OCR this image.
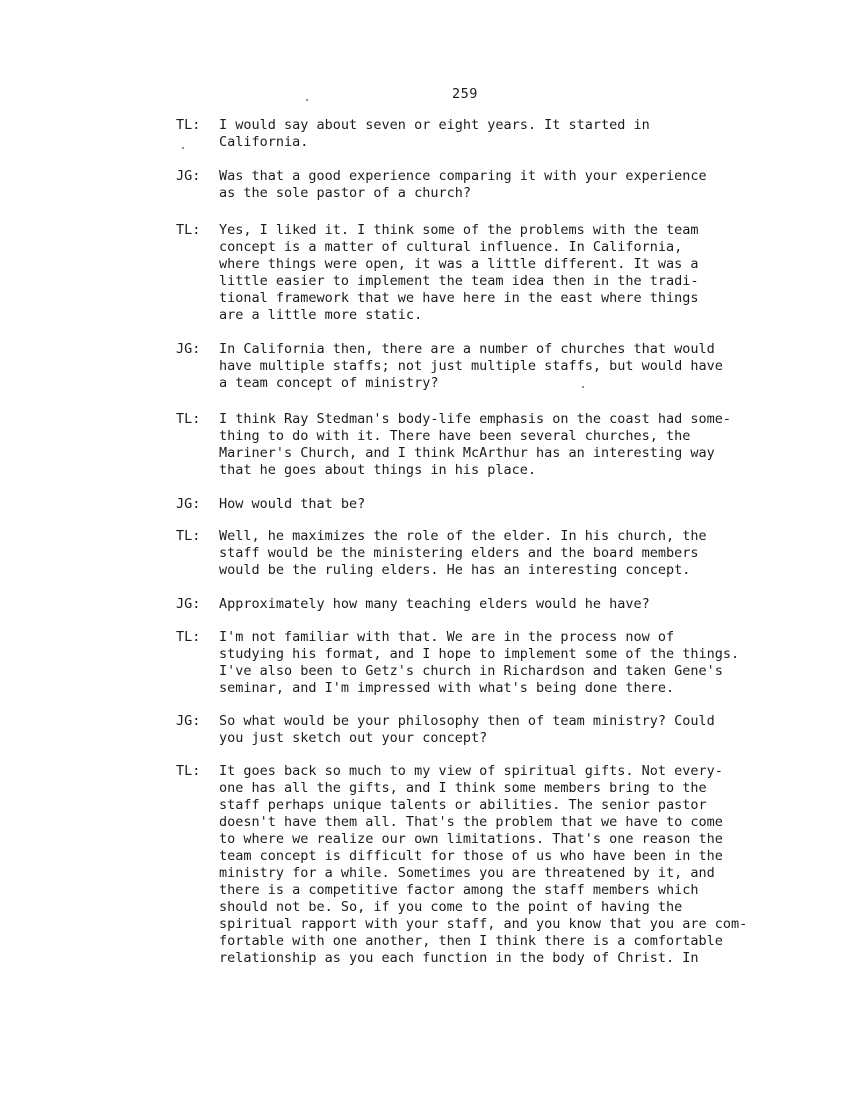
259
TL: I would say about seven or eight years. It started in
California.
JG: Was that a good experience comparing it with your experience
as the sole pastor of a church?
TL: Yes, I liked it. I think some of the problems with the team
concept is a matter of cultural influence. In California,
where things were open, it was a little different. It was a
little easier to implement the team idea then in the tradi-
tional framework that we have here in the east where things
are a little more static.
JG: In California then, there are a number of churches that would
have multiple staffs; not just multiple staffs, but would have
a team concept of ministry?
TL: I think Ray Stedman's body-life emphasis on the coast had some-
thing to do with it. There have been several churches, the
Mariner's Church, and I think McArthur has an interesting way
that he goes about things in his place.
JG: How would that be?
TL: Well, he maximizes the role of the elder. In his church, the
staff would be the ministering elders and the board members
would be the ruling elders. He has an interesting concept.
JG: Approximately how many teaching elders would he have?
TL: I'm not familiar with that. We are in the process now of
studying his format, and I hope to implement some of the things.
I've also been to Getz's church in Richardson and taken Gene's
seminar, and I'm impressed with what's being done there.
JG: So what would be your philosophy then of team ministry? Could
you just sketch out your concept?
TL: It goes back so much to my view of spiritual gifts. Not every-
one has all the gifts, and I think some members bring to the
staff perhaps unique talents or abilities. The senior pastor
doesn't have them all. That's the problem that we have to come
to where we realize our own limitations. That's one reason the
team concept is difficult for those of us who have been in the
ministry for a while. Sometimes you are threatened by it, and
there is a competitive factor among the staff members which
should not be. So, if you come to the point of having the
spiritual rapport with your staff, and you know that you are com-
fortable with one another, then I think there is a comfortable
relationship as you each function in the body of Christ. In
